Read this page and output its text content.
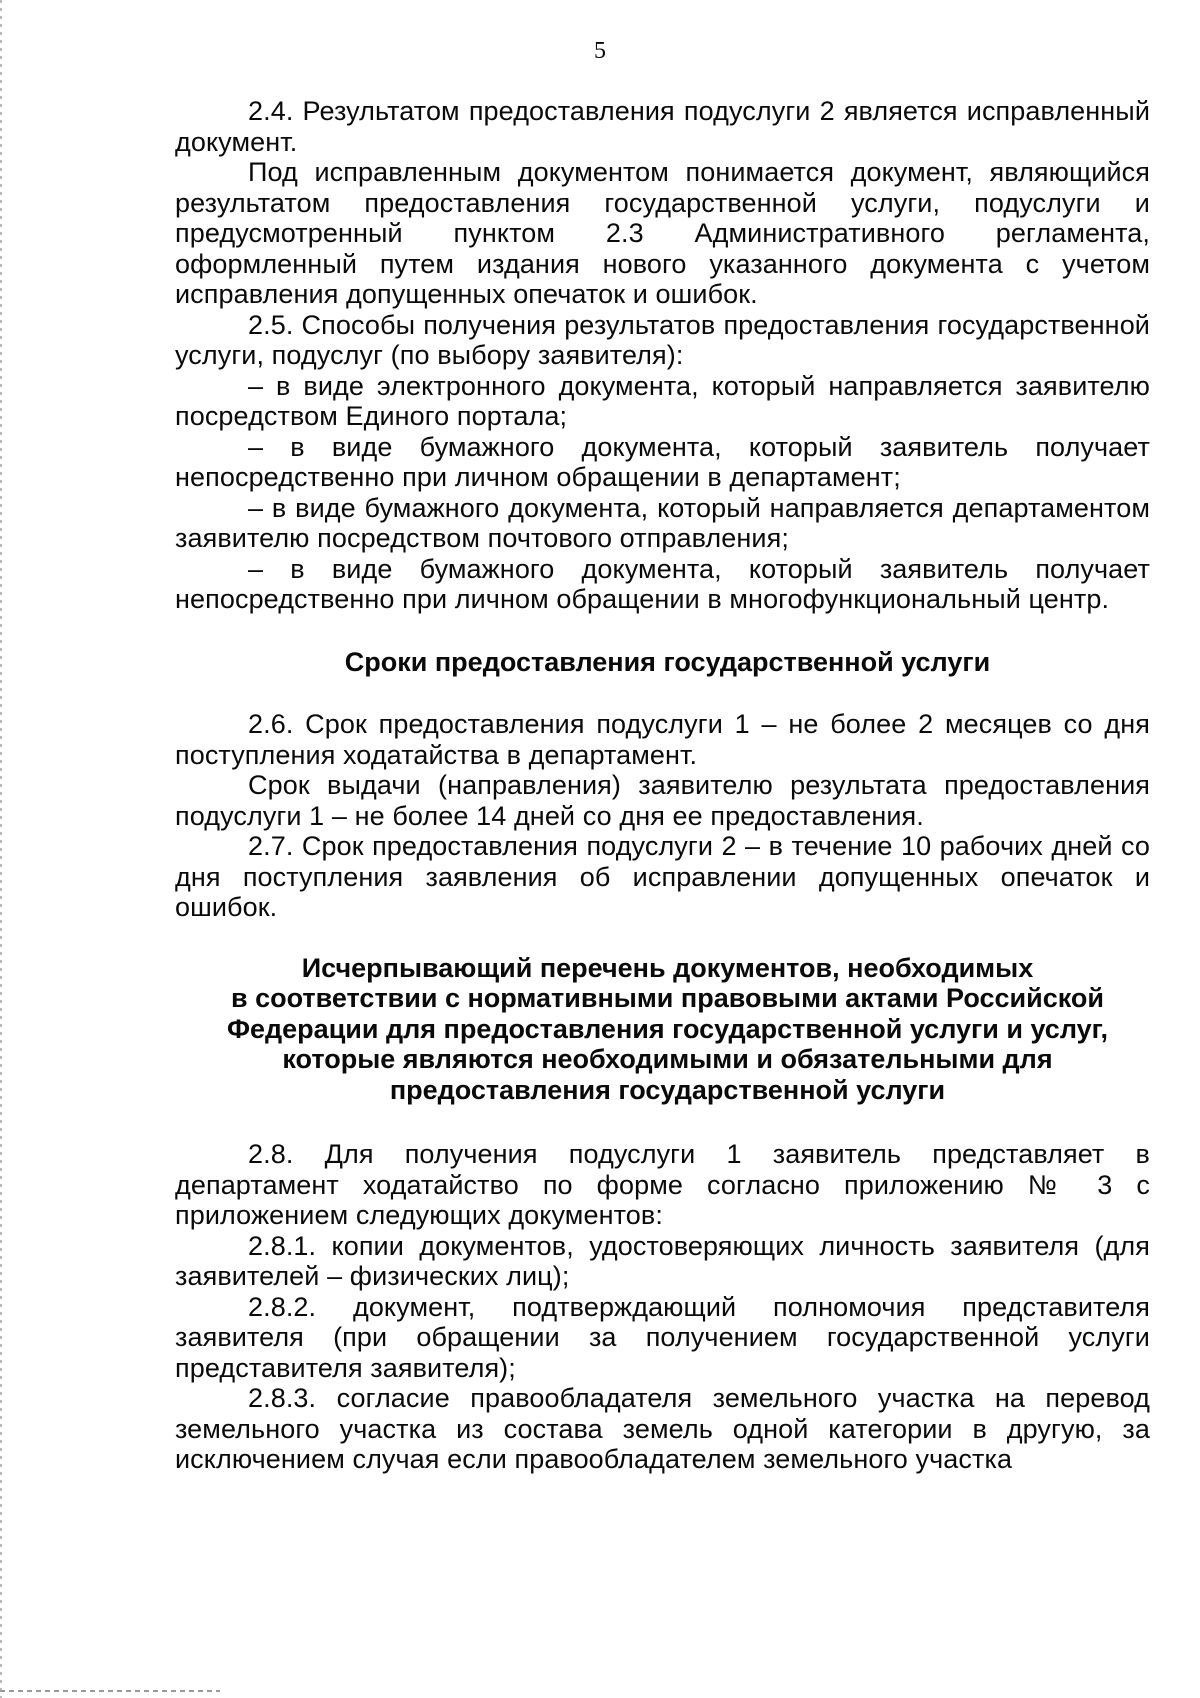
5

2.4. Результатом предоставления подуслуги 2 является исправленный документ.

Под исправленным документом понимается документ, являющийся результатом предоставления государственной услуги, подуслуги и предусмотренный пунктом 2.3 Административного регламента, оформленный путем издания нового указанного документа с учетом исправления допущенных опечаток и ошибок.

2.5. Способы получения результатов предоставления государственной услуги, подуслуг (по выбору заявителя):

– в виде электронного документа, который направляется заявителю посредством Единого портала;

– в виде бумажного документа, который заявитель получает непосредственно при личном обращении в департамент;

– в виде бумажного документа, который направляется департаментом заявителю посредством почтового отправления;

– в виде бумажного документа, который заявитель получает непосредственно при личном обращении в многофункциональный центр.

Сроки предоставления государственной услуги

2.6. Срок предоставления подуслуги 1 – не более 2 месяцев со дня поступления ходатайства в департамент.

Срок выдачи (направления) заявителю результата предоставления подуслуги 1 – не более 14 дней со дня ее предоставления.

2.7. Срок предоставления подуслуги 2 – в течение 10 рабочих дней со дня поступления заявления об исправлении допущенных опечаток и ошибок.

Исчерпывающий перечень документов, необходимых

в соответствии с нормативными правовыми актами Российской

Федерации для предоставления государственной услуги и услуг,

которые являются необходимыми и обязательными для

предоставления государственной услуги

2.8. Для получения подуслуги 1 заявитель представляет в департамент ходатайство по форме согласно приложению № 3 с приложением следующих документов:

2.8.1. копии документов, удостоверяющих личность заявителя (для заявителей – физических лиц);

2.8.2. документ, подтверждающий полномочия представителя заявителя (при обращении за получением государственной услуги представителя заявителя);

2.8.3. согласие правообладателя земельного участка на перевод земельного участка из состава земель одной категории в другую, за исключением случая если правообладателем земельного участка
